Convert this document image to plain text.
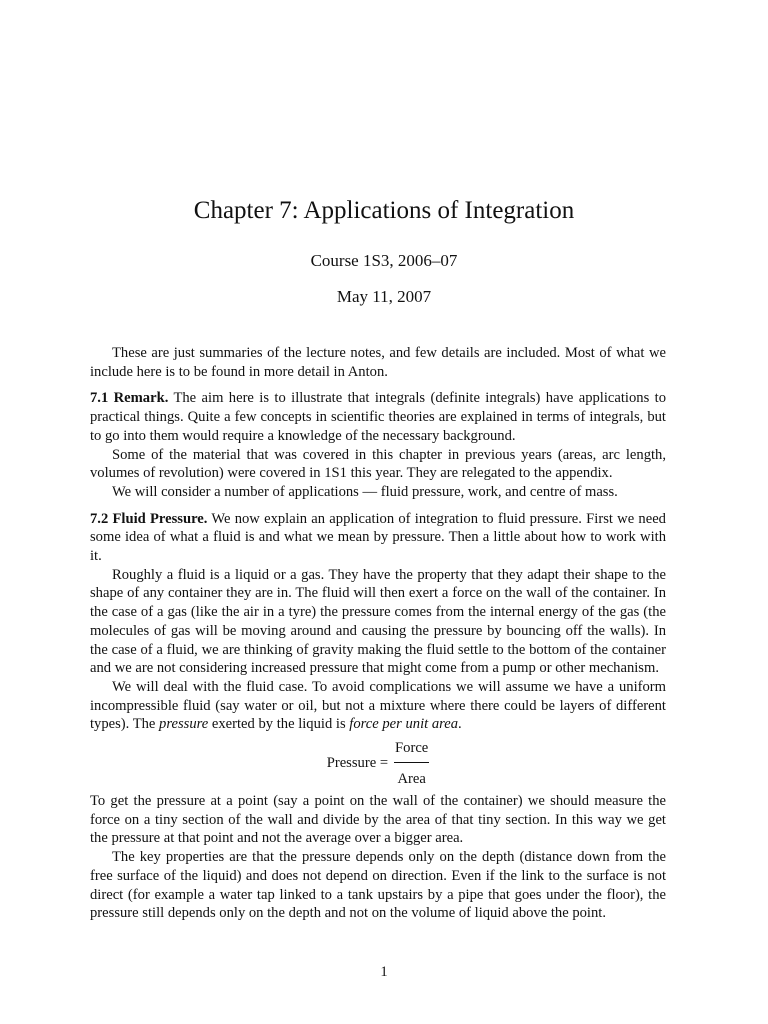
Chapter 7: Applications of Integration
Course 1S3, 2006–07
May 11, 2007

These are just summaries of the lecture notes, and few details are included. Most of what we include here is to be found in more detail in Anton.

7.1 Remark. The aim here is to illustrate that integrals (definite integrals) have applications to practical things. Quite a few concepts in scientific theories are explained in terms of integrals, but to go into them would require a knowledge of the necessary background.

Some of the material that was covered in this chapter in previous years (areas, arc length, volumes of revolution) were covered in 1S1 this year. They are relegated to the appendix.

We will consider a number of applications — fluid pressure, work, and centre of mass.

7.2 Fluid Pressure. We now explain an application of integration to fluid pressure. First we need some idea of what a fluid is and what we mean by pressure. Then a little about how to work with it.

Roughly a fluid is a liquid or a gas. They have the property that they adapt their shape to the shape of any container they are in. The fluid will then exert a force on the wall of the container. In the case of a gas (like the air in a tyre) the pressure comes from the internal energy of the gas (the molecules of gas will be moving around and causing the pressure by bouncing off the walls). In the case of a fluid, we are thinking of gravity making the fluid settle to the bottom of the container and we are not considering increased pressure that might come from a pump or other mechanism.

We will deal with the fluid case. To avoid complications we will assume we have a uniform incompressible fluid (say water or oil, but not a mixture where there could be layers of different types). The pressure exerted by the liquid is force per unit area.

Pressure = $\frac{\text{Force}}{\text{Area}}$

To get the pressure at a point (say a point on the wall of the container) we should measure the force on a tiny section of the wall and divide by the area of that tiny section. In this way we get the pressure at that point and not the average over a bigger area.

The key properties are that the pressure depends only on the depth (distance down from the free surface of the liquid) and does not depend on direction. Even if the link to the surface is not direct (for example a water tap linked to a tank upstairs by a pipe that goes under the floor), the pressure still depends only on the depth and not on the volume of liquid above the point.

1
